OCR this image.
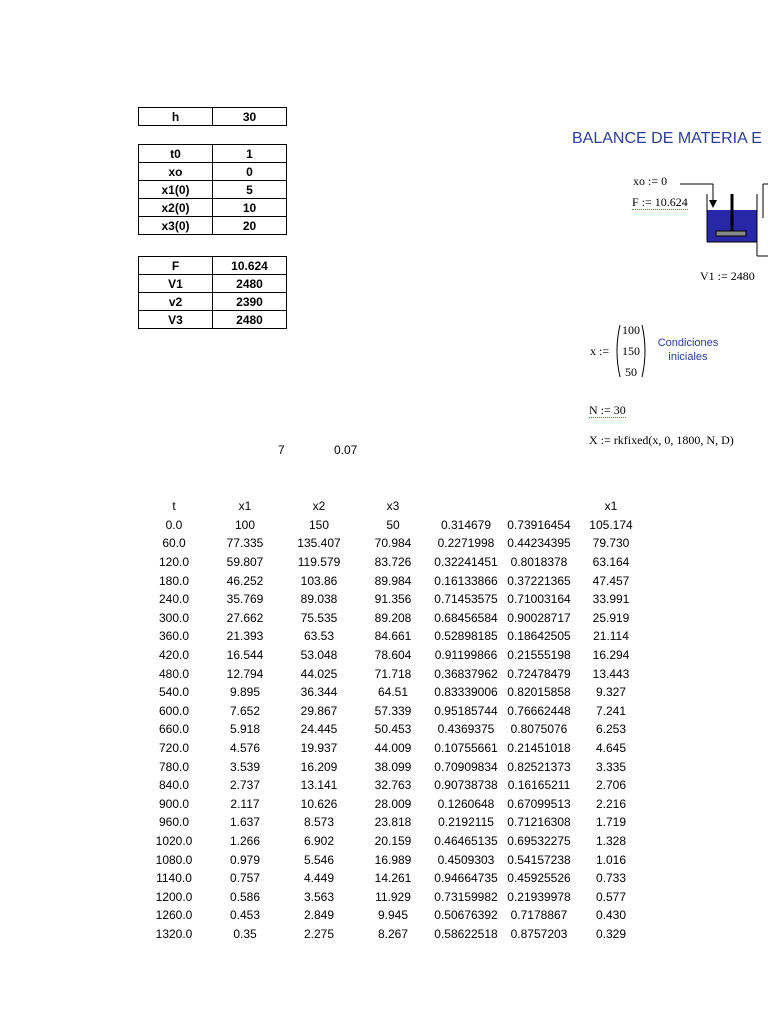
h	30
t0	1
xo	0
x1(0)	5
x2(0)	10
x3(0)	20
F	10.624
V1	2480
v2	2390
V3	2480
BALANCE DE MATERIA E
xo := 0
F := 10.624
V1 := 2480
x :=
100
150
50
Condiciones
iniciales
N := 30
X := rkfixed(x, 0, 1800, N, D)
7	0.07
t	x1	x2	x3			x1
0.0	100	150	50	0.314679	0.73916454	105.174
60.0	77.335	135.407	70.984	0.2271998	0.44234395	79.730
120.0	59.807	119.579	83.726	0.32241451	0.8018378	63.164
180.0	46.252	103.86	89.984	0.16133866	0.37221365	47.457
240.0	35.769	89.038	91.356	0.71453575	0.71003164	33.991
300.0	27.662	75.535	89.208	0.68456584	0.90028717	25.919
360.0	21.393	63.53	84.661	0.52898185	0.18642505	21.114
420.0	16.544	53.048	78.604	0.91199866	0.21555198	16.294
480.0	12.794	44.025	71.718	0.36837962	0.72478479	13.443
540.0	9.895	36.344	64.51	0.83339006	0.82015858	9.327
600.0	7.652	29.867	57.339	0.95185744	0.76662448	7.241
660.0	5.918	24.445	50.453	0.4369375	0.8075076	6.253
720.0	4.576	19.937	44.009	0.10755661	0.21451018	4.645
780.0	3.539	16.209	38.099	0.70909834	0.82521373	3.335
840.0	2.737	13.141	32.763	0.90738738	0.16165211	2.706
900.0	2.117	10.626	28.009	0.1260648	0.67099513	2.216
960.0	1.637	8.573	23.818	0.2192115	0.71216308	1.719
1020.0	1.266	6.902	20.159	0.46465135	0.69532275	1.328
1080.0	0.979	5.546	16.989	0.4509303	0.54157238	1.016
1140.0	0.757	4.449	14.261	0.94664735	0.45925526	0.733
1200.0	0.586	3.563	11.929	0.73159982	0.21939978	0.577
1260.0	0.453	2.849	9.945	0.50676392	0.7178867	0.430
1320.0	0.35	2.275	8.267	0.58622518	0.8757203	0.329
